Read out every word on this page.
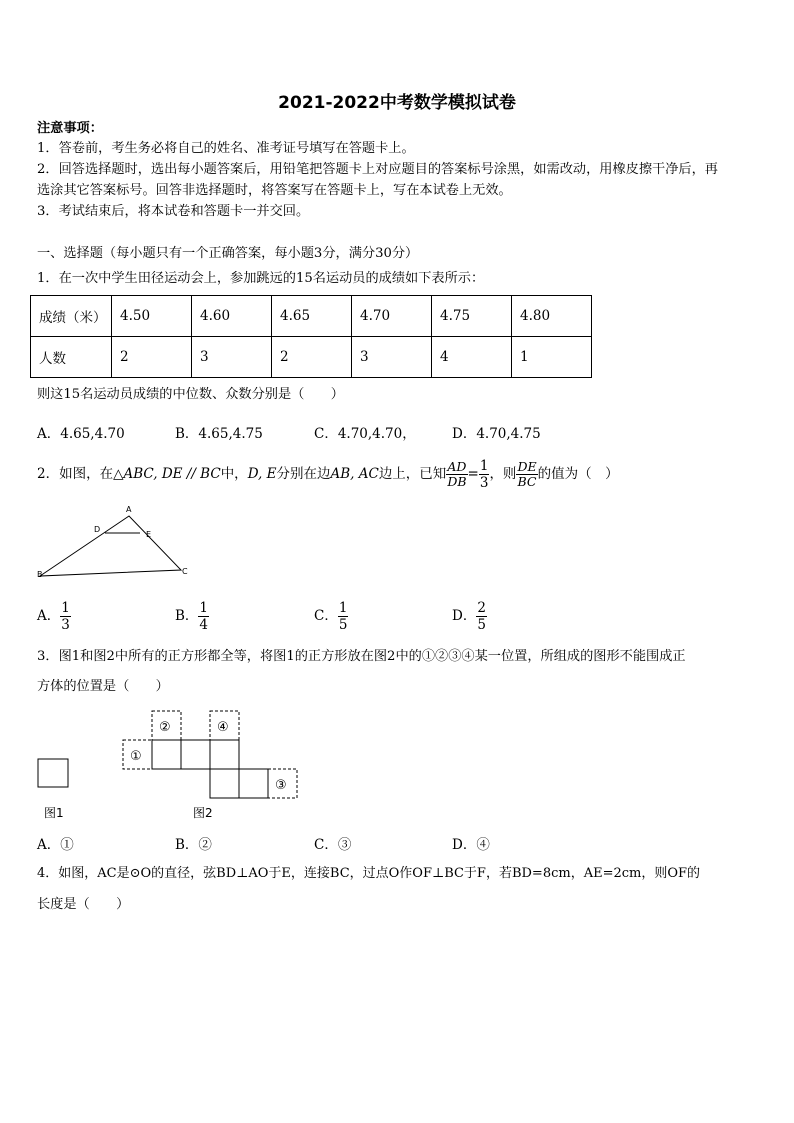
2021-2022中考数学模拟试卷
注意事项：
1．答卷前，考生务必将自己的姓名、准考证号填写在答题卡上。
2．回答选择题时，选出每小题答案后，用铅笔把答题卡上对应题目的答案标号涂黑，如需改动，用橡皮擦干净后，再
选涂其它答案标号。回答非选择题时，将答案写在答题卡上，写在本试卷上无效。
3．考试结束后，将本试卷和答题卡一并交回。
一、选择题（每小题只有一个正确答案，每小题3分，满分30分）
1．在一次中学生田径运动会上，参加跳远的15名运动员的成绩如下表所示：
成绩（米）	4.50	4.60	4.65	4.70	4.75	4.80
人数	2	3	2	3	4	1
则这15名运动员成绩的中位数、众数分别是（　　）
A．4.65,4.70	B．4.65,4.75	C．4.70,4.70，	D．4.70,4.75
2．如图，在△ABC, DE // BC中，D, E分别在边AB, AC边上，已知 $\frac{AD}{DB} = \frac{1}{3}$ ，则 $\frac{DE}{BC}$ 的值为（　）
A
D
E
B	C
A． $\frac{1}{3}$	B． $\frac{1}{4}$	C． $\frac{1}{5}$	D． $\frac{2}{5}$
3．图1和图2中所有的正方形都全等，将图1的正方形放在图2中的①②③④某一位置，所组成的图形不能围成正
方体的位置是（　　）
图1
①
②	④
③
图2
A．①	B．②	C．③	D．④
4．如图，AC是⊙O的直径，弦BD⊥AO于E，连接BC，过点O作OF⊥BC于F，若BD=8cm，AE=2cm，则OF的
长度是（　　）
